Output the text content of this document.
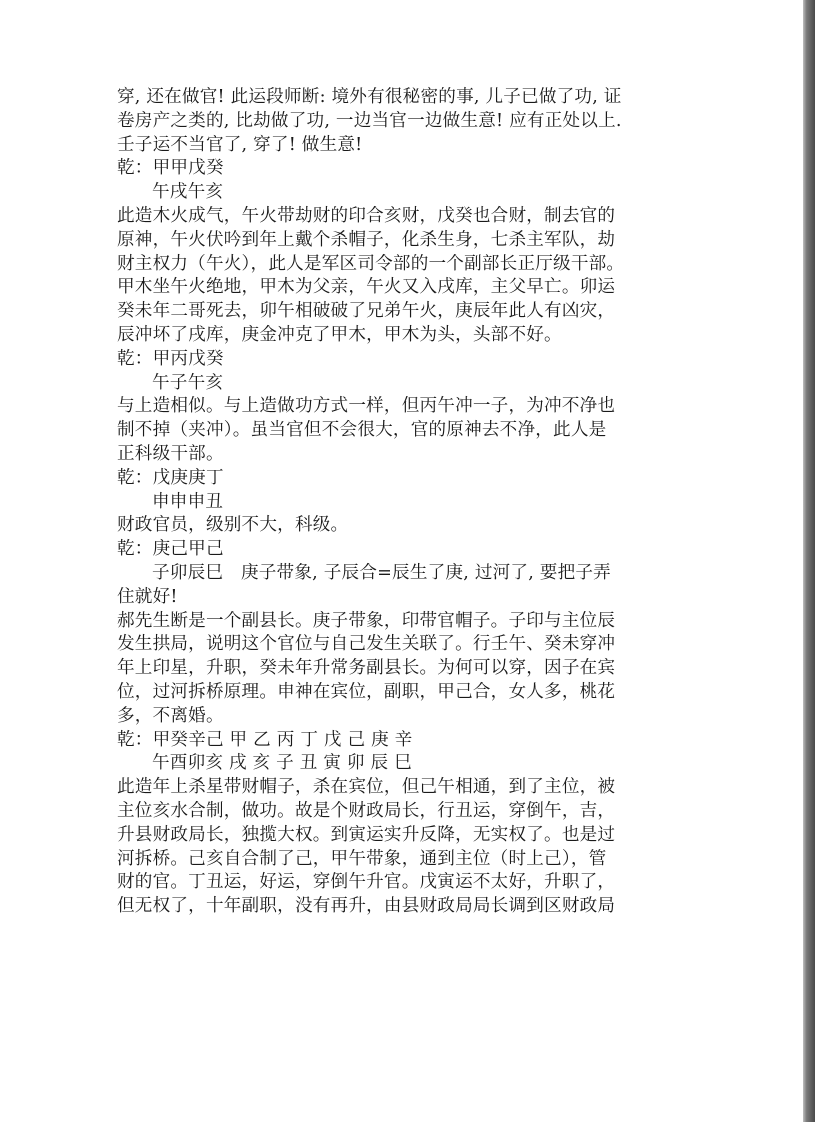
穿, 还在做官! 此运段师断: 境外有很秘密的事, 儿子已做了功, 证
卷房产之类的, 比劫做了功, 一边当官一边做生意! 应有正处以上.
壬子运不当官了, 穿了! 做生意!
乾：甲甲戊癸
午戌午亥
此造木火成气，午火带劫财的印合亥财，戊癸也合财，制去官的
原神，午火伏吟到年上戴个杀帽子，化杀生身，七杀主军队，劫
财主权力（午火），此人是军区司令部的一个副部长正厅级干部。
甲木坐午火绝地，甲木为父亲，午火又入戌库，主父早亡。卯运
癸未年二哥死去，卯午相破破了兄弟午火，庚辰年此人有凶灾，
辰冲坏了戌库，庚金冲克了甲木，甲木为头，头部不好。
乾：甲丙戊癸
午子午亥
与上造相似。与上造做功方式一样，但丙午冲一子，为冲不净也
制不掉（夹冲）。虽当官但不会很大，官的原神去不净，此人是
正科级干部。
乾：戊庚庚丁
申申申丑
财政官员，级别不大，科级。
乾：庚己甲己
子卯辰巳　庚子带象, 子辰合=辰生了庚, 过河了, 要把子弄
住就好!
郝先生断是一个副县长。庚子带象，印带官帽子。子印与主位辰
发生拱局，说明这个官位与自己发生关联了。行壬午、癸未穿冲
年上印星，升职，癸未年升常务副县长。为何可以穿，因子在宾
位，过河拆桥原理。申神在宾位，副职，甲己合，女人多，桃花
多，不离婚。
乾：甲癸辛己 甲 乙 丙 丁 戊 己 庚 辛
午酉卯亥 戌 亥 子 丑 寅 卯 辰 巳
此造年上杀星带财帽子，杀在宾位，但己午相通，到了主位，被
主位亥水合制，做功。故是个财政局长，行丑运，穿倒午，吉，
升县财政局长，独揽大权。到寅运实升反降，无实权了。也是过
河拆桥。己亥自合制了己，甲午带象，通到主位（时上己），管
财的官。丁丑运，好运，穿倒午升官。戊寅运不太好，升职了，
但无权了，十年副职，没有再升，由县财政局局长调到区财政局
